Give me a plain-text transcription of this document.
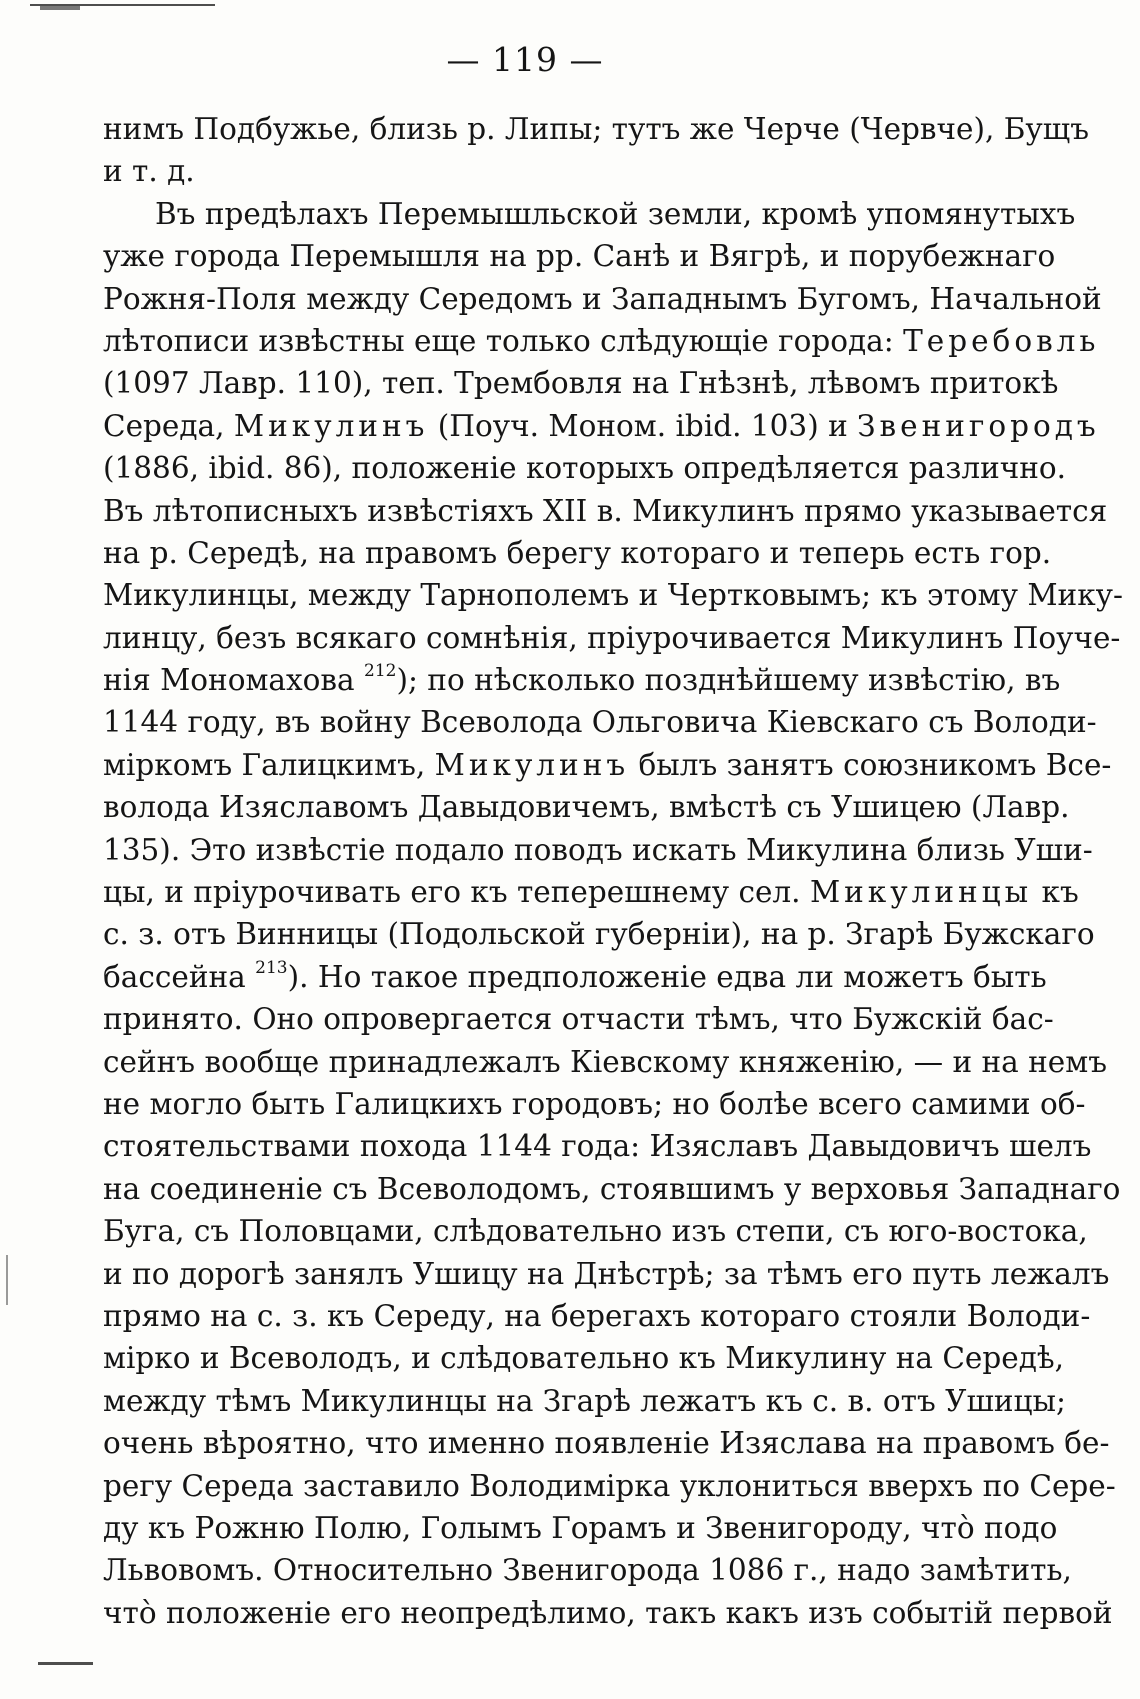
— 119 —
нимъ Подбужье, близь р. Липы; тутъ же Черче (Червче), Бущъ
и т. д.
Въ предѣлахъ Перемышльской земли, кромѣ упомянутыхъ
уже города Перемышля на рр. Санѣ и Вягрѣ, и порубежнаго
Рожня-Поля между Середомъ и Западнымъ Бугомъ, Начальной
лѣтописи извѣстны еще только слѣдующіе города: Теребовль
(1097 Лавр. 110), теп. Трембовля на Гнѣзнѣ, лѣвомъ притокѣ
Середа, Микулинъ (Поуч. Моном. ibid. 103) и Звенигородъ
(1886, ibid. 86), положеніе которыхъ опредѣляется различно.
Въ лѣтописныхъ извѣстіяхъ XII в. Микулинъ прямо указывается
на р. Середѣ, на правомъ берегу котораго и теперь есть гор.
Микулинцы, между Тарнополемъ и Чертковымъ; къ этому Мику-
линцу, безъ всякаго сомнѣнія, пріурочивается Микулинъ Поуче-
нія Мономахова $^{212}$); по нѣсколько позднѣйшему извѣстію, въ
1144 году, въ войну Всеволода Ольговича Кіевскаго съ Володи-
міркомъ Галицкимъ, Микулинъ былъ занятъ союзникомъ Все-
волода Изяславомъ Давыдовичемъ, вмѣстѣ съ Ушицею (Лавр.
135). Это извѣстіе подало поводъ искать Микулина близь Уши-
цы, и пріурочивать его къ теперешнему сел. Микулинцы къ
с. з. отъ Винницы (Подольской губерніи), на р. Згарѣ Бужскаго
бассейна $^{213}$). Но такое предположеніе едва ли можетъ быть
принято. Оно опровергается отчасти тѣмъ, что Бужскій бас-
сейнъ вообще принадлежалъ Кіевскому княженію, — и на немъ
не могло быть Галицкихъ городовъ; но болѣе всего самими об-
стоятельствами похода 1144 года: Изяславъ Давыдовичъ шелъ
на соединеніе съ Всеволодомъ, стоявшимъ у верховья Западнаго
Буга, съ Половцами, слѣдовательно изъ степи, съ юго-востока,
и по дорогѣ занялъ Ушицу на Днѣстрѣ; за тѣмъ его путь лежалъ
прямо на с. з. къ Середу, на берегахъ котораго стояли Володи-
мірко и Всеволодъ, и слѣдовательно къ Микулину на Середѣ,
между тѣмъ Микулинцы на Згарѣ лежатъ къ с. в. отъ Ушицы;
очень вѣроятно, что именно появленіе Изяслава на правомъ бе-
регу Середа заставило Володимірка уклониться вверхъ по Сере-
ду къ Рожню Полю, Голымъ Горамъ и Звенигороду, что̀ подо
Львовомъ. Относительно Звенигорода 1086 г., надо замѣтить,
что̀ положеніе его неопредѣлимо, такъ какъ изъ событій первой
